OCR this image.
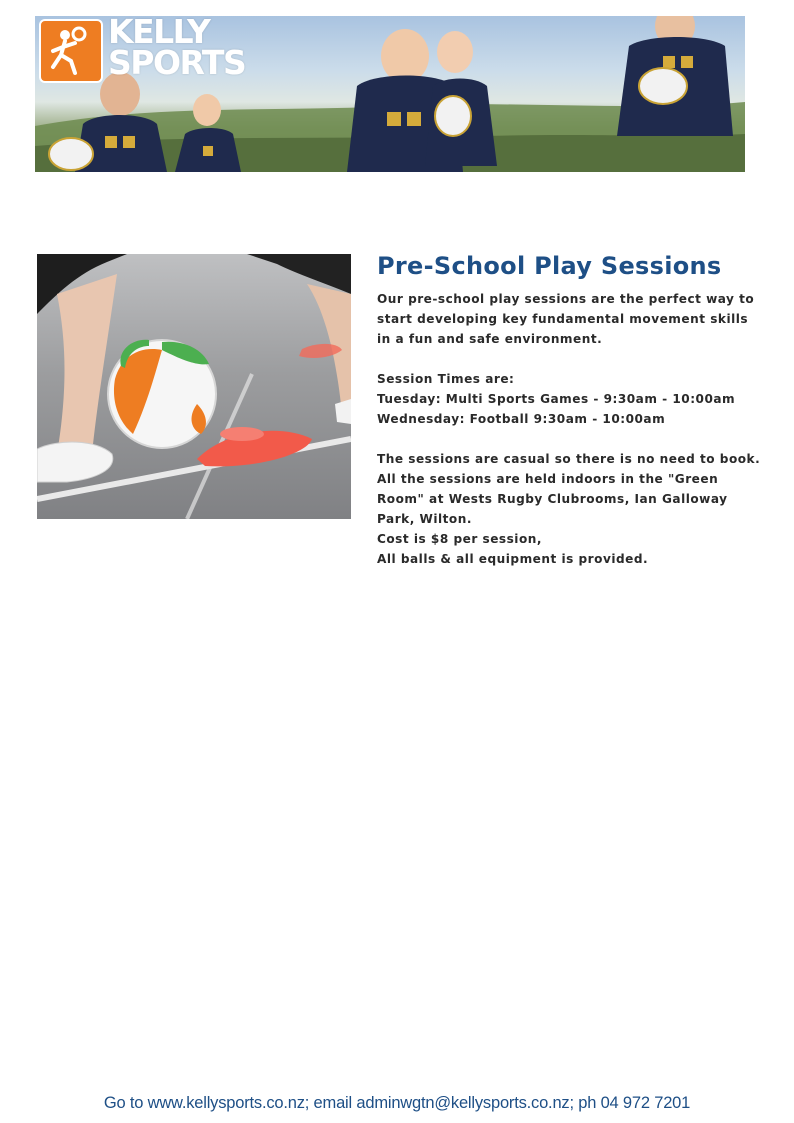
KELLY
SPORTS
Pre-School Play Sessions

Our pre-school play sessions are the perfect way to start developing key fundamental movement skills in a fun and safe environment.

Session Times are:

Tuesday: Multi Sports Games - 9:30am - 10:00am

Wednesday: Football 9:30am - 10:00am

The sessions are casual so there is no need to book.

All the sessions are held indoors in the "Green Room" at Wests Rugby Clubrooms, Ian Galloway Park, Wilton.

Cost is $8 per session,

All balls & all equipment is provided.

Go to www.kellysports.co.nz; email adminwgtn@kellysports.co.nz; ph 04 972 7201
